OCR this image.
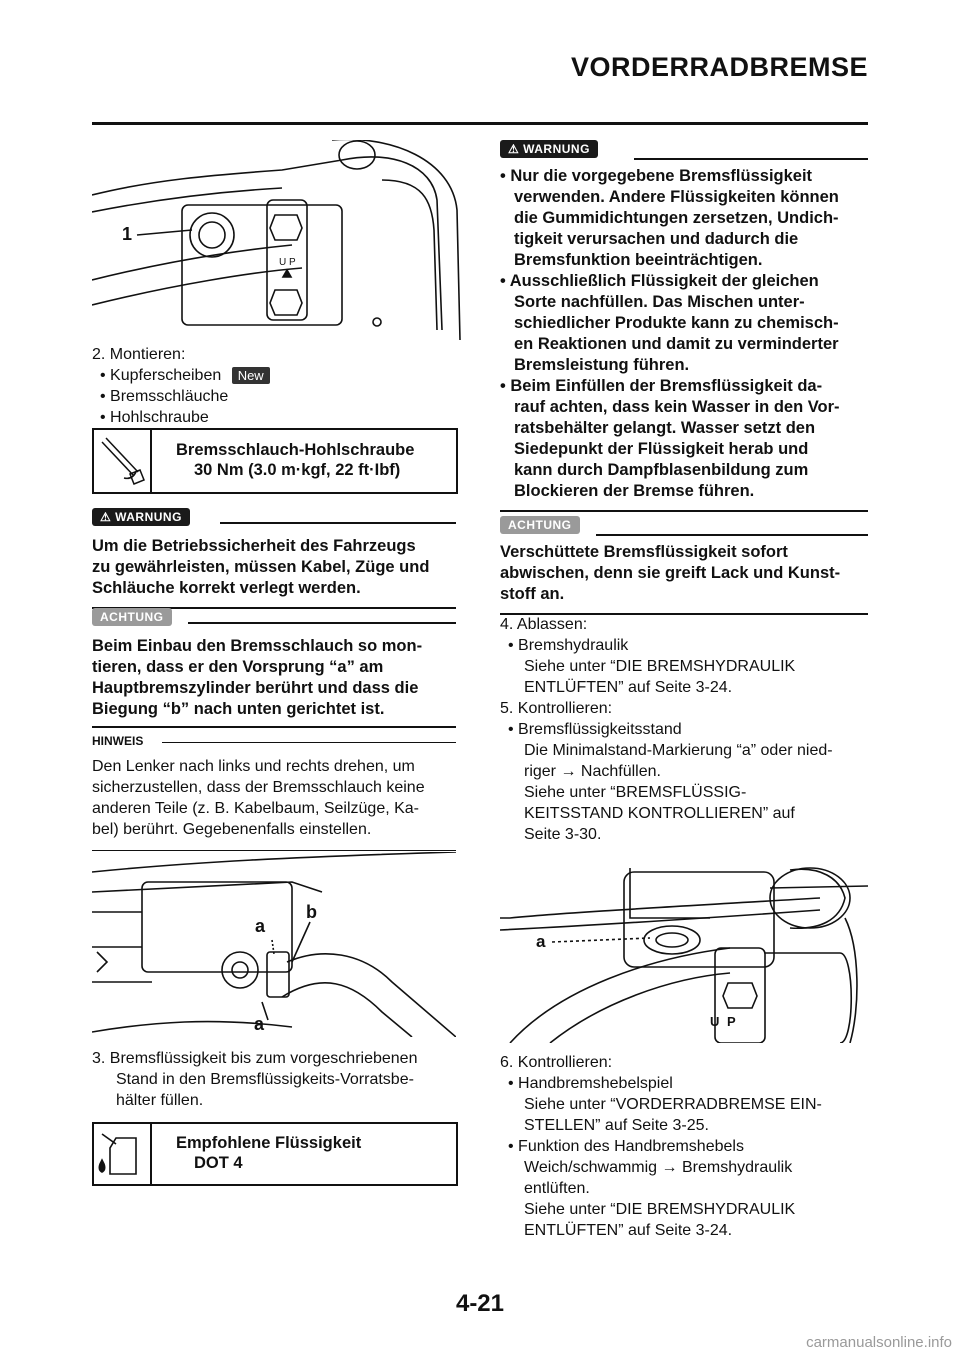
VORDERRADBREMSE
U P
1
2. Montieren:
• Kupferscheiben New
• Bremsschläuche
• Hohlschraube
Bremsschlauch-Hohlschraube
30 Nm (3.0 m·kgf, 22 ft·Ibf)
⚠ WARNUNG
Um die Betriebssicherheit des Fahrzeugs
zu gewährleisten, müssen Kabel, Züge und
Schläuche korrekt verlegt werden.
ACHTUNG
Beim Einbau den Bremsschlauch so mon-
tieren, dass er den Vorsprung “a” am
Hauptbremszylinder berührt und dass die
Biegung “b” nach unten gerichtet ist.
HINWEIS
Den Lenker nach links und rechts drehen, um
sicherzustellen, dass der Bremsschlauch keine
anderen Teile (z. B. Kabelbaum, Seilzüge, Ka-
bel) berührt. Gegebenenfalls einstellen.
a
b
a
3. Bremsflüssigkeit bis zum vorgeschriebenen
Stand in den Bremsflüssigkeits-Vorratsbe-
hälter füllen.
Empfohlene Flüssigkeit
DOT 4
⚠ WARNUNG
• Nur die vorgegebene Bremsflüssigkeit
verwenden. Andere Flüssigkeiten können
die Gummidichtungen zersetzen, Undich-
tigkeit verursachen und dadurch die
Bremsfunktion beeinträchtigen.
• Ausschließlich Flüssigkeit der gleichen
Sorte nachfüllen. Das Mischen unter-
schiedlicher Produkte kann zu chemisch-
en Reaktionen und damit zu verminderter
Bremsleistung führen.
• Beim Einfüllen der Bremsflüssigkeit da-
rauf achten, dass kein Wasser in den Vor-
ratsbehälter gelangt. Wasser setzt den
Siedepunkt der Flüssigkeit herab und
kann durch Dampfblasenbildung zum
Blockieren der Bremse führen.
ACHTUNG
Verschüttete Bremsflüssigkeit sofort
abwischen, denn sie greift Lack und Kunst-
stoff an.
4. Ablassen:
• Bremshydraulik
Siehe unter “DIE BREMSHYDRAULIK
ENTLÜFTEN” auf Seite 3-24.
5. Kontrollieren:
• Bremsflüssigkeitsstand
Die Minimalstand-Markierung “a” oder nied-
riger → Nachfüllen.
Siehe unter “BREMSFLÜSSIG-
KEITSSTAND KONTROLLIEREN” auf
Seite 3-30.
a
U P
6. Kontrollieren:
• Handbremshebelspiel
Siehe unter “VORDERRADBREMSE EIN-
STELLEN” auf Seite 3-25.
• Funktion des Handbremshebels
Weich/schwammig → Bremshydraulik
entlüften.
Siehe unter “DIE BREMSHYDRAULIK
ENTLÜFTEN” auf Seite 3-24.
4-21
carmanualsonline.info
